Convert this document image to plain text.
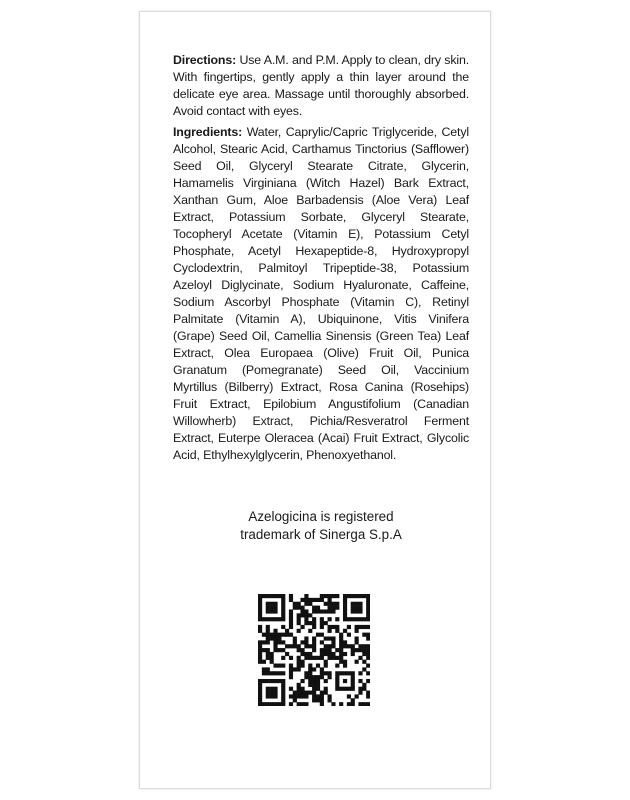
Directions: Use A.M. and P.M. Apply to clean, dry skin. With fingertips, gently apply a thin layer around the delicate eye area. Massage until thoroughly absorbed. Avoid contact with eyes.

Ingredients: Water, Caprylic/Capric Triglyceride, Cetyl Alcohol, Stearic Acid, Carthamus Tinctorius (Safflower) Seed Oil, Glyceryl Stearate Citrate, Glycerin, Hamamelis Virginiana (Witch Hazel) Bark Extract, Xanthan Gum, Aloe Barbadensis (Aloe Vera) Leaf Extract, Potassium Sorbate, Glyceryl Stearate, Tocopheryl Acetate (Vitamin E), Potassium Cetyl Phosphate, Acetyl Hexapeptide-8, Hydroxypropyl Cyclodextrin, Palmitoyl Tripeptide-38, Potassium Azeloyl Diglycinate, Sodium Hyaluronate, Caffeine, Sodium Ascorbyl Phosphate (Vitamin C), Retinyl Palmitate (Vitamin A), Ubiquinone, Vitis Vinifera (Grape) Seed Oil, Camellia Sinensis (Green Tea) Leaf Extract, Olea Europaea (Olive) Fruit Oil, Punica Granatum (Pomegranate) Seed Oil, Vaccinium Myrtillus (Bilberry) Extract, Rosa Canina (Rosehips) Fruit Extract, Epilobium Angustifolium (Canadian Willowherb) Extract, Pichia/Resveratrol Ferment Extract, Euterpe Oleracea (Acai) Fruit Extract, Glycolic Acid, Ethylhexylglycerin, Phenoxyethanol.

Azelogicina is registered
trademark of Sinerga S.p.A
